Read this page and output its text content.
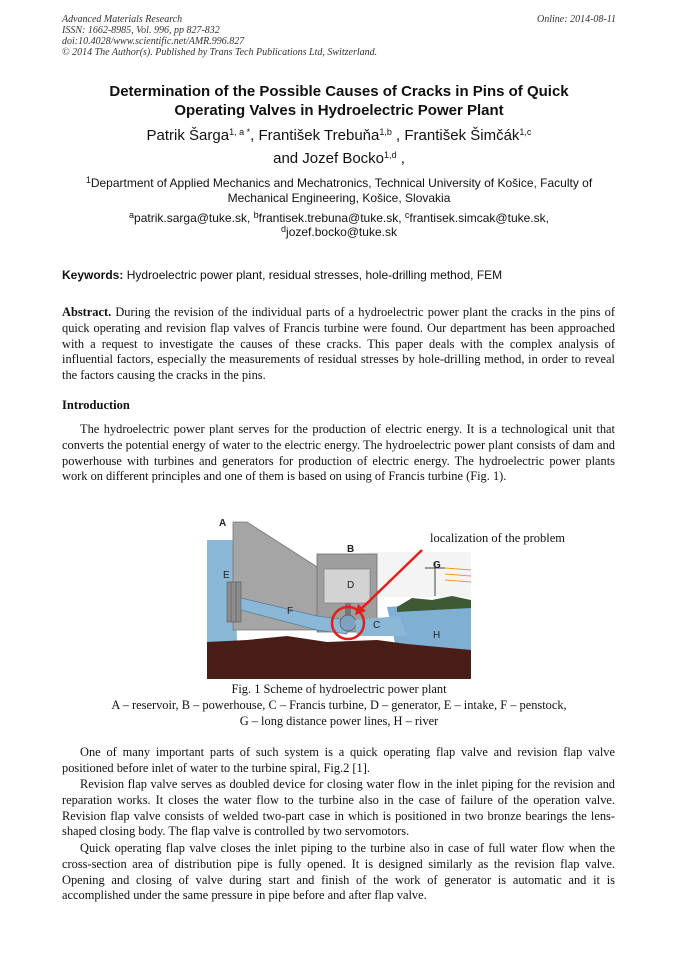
Advanced Materials Research
ISSN: 1662-8985, Vol. 996, pp 827-832
doi:10.4028/www.scientific.net/AMR.996.827
© 2014 The Author(s). Published by Trans Tech Publications Ltd, Switzerland.
Online: 2014-08-11
Determination of the Possible Causes of Cracks in Pins of Quick
Operating Valves in Hydroelectric Power Plant
Patrik Šarga$^{1, a *}$, František Trebuňa$^{1,b}$ , František Šimčák$^{1,c}$
and Jozef Bocko$^{1,d}$ ,
$^1$Department of Applied Mechanics and Mechatronics, Technical University of Košice, Faculty of Mechanical Engineering, Košice, Slovakia
$^a$patrik.sarga@tuke.sk, $^b$frantisek.trebuna@tuke.sk, $^c$frantisek.simcak@tuke.sk,
$^d$jozef.bocko@tuke.sk
Keywords: Hydroelectric power plant, residual stresses, hole-drilling method, FEM
Abstract. During the revision of the individual parts of a hydroelectric power plant the cracks in the pins of quick operating and revision flap valves of Francis turbine were found. Our department has been approached with a request to investigate the causes of these cracks. This paper deals with the complex analysis of influential factors, especially the measurements of residual stresses by hole-drilling method, in order to reveal the factors causing the cracks in the pins.
Introduction
The hydroelectric power plant serves for the production of electric energy. It is a technological unit that converts the potential energy of water to the electric energy. The hydroelectric power plant consists of dam and powerhouse with turbines and generators for production of electric energy. The hydroelectric power plants work on different principles and one of them is based on using of Francis turbine (Fig. 1).
A
B
C
D
E
F
G
H
localization of the problem
Fig. 1 Scheme of hydroelectric power plant
A – reservoir, B – powerhouse, C – Francis turbine, D – generator, E – intake, F – penstock,
G – long distance power lines, H – river
One of many important parts of such system is a quick operating flap valve and revision flap valve positioned before inlet of water to the turbine spiral, Fig.2 [1].
Revision flap valve serves as doubled device for closing water flow in the inlet piping for the revision and reparation works. It closes the water flow to the turbine also in the case of failure of the operation valve. Revision flap valve consists of welded two-part case in which is positioned in two bronze bearings the lens-shaped closing body. The flap valve is controlled by two servomotors.
Quick operating flap valve closes the inlet piping to the turbine also in case of full water flow when the cross-section area of distribution pipe is fully opened. It is designed similarly as the revision flap valve. Opening and closing of valve during start and finish of the work of generator is automatic and it is accomplished under the same pressure in pipe before and after flap valve.
